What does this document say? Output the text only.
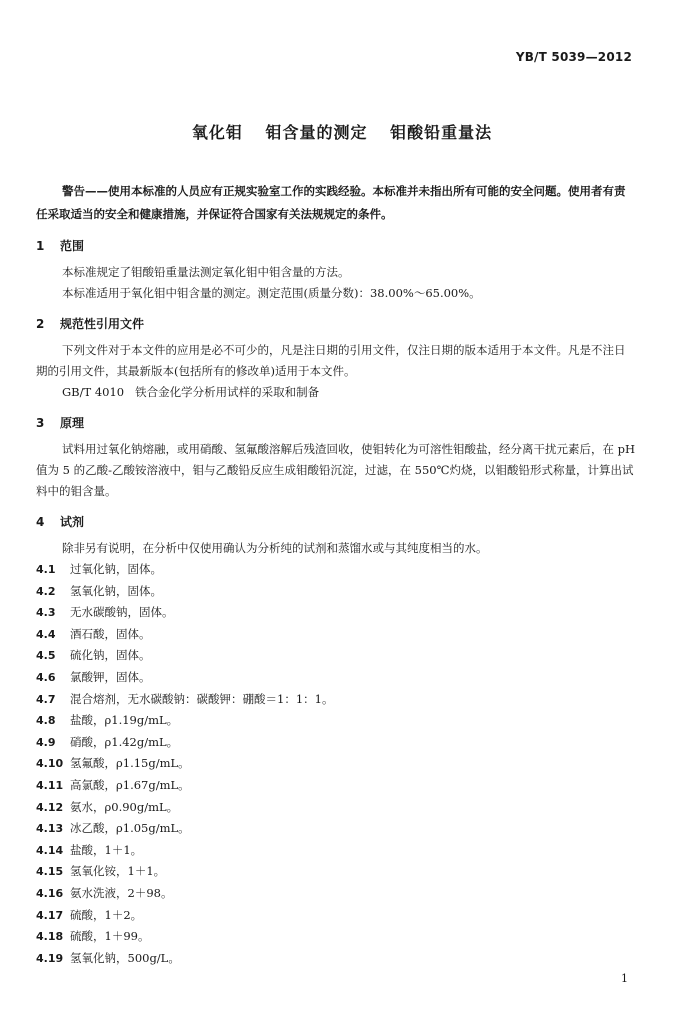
YB/T 5039—2012
氧化钼 钼含量的测定 钼酸铅重量法

警告——使用本标准的人员应有正规实验室工作的实践经验。本标准并未指出所有可能的安全问题。使用者有责任采取适当的安全和健康措施，并保证符合国家有关法规规定的条件。

1 范围

本标准规定了钼酸铅重量法测定氧化钼中钼含量的方法。

本标准适用于氧化钼中钼含量的测定。测定范围(质量分数)：38.00%～65.00%。

2 规范性引用文件

下列文件对于本文件的应用是必不可少的，凡是注日期的引用文件，仅注日期的版本适用于本文件。凡是不注日期的引用文件，其最新版本(包括所有的修改单)适用于本文件。

GB/T 4010 铁合金化学分析用试样的采取和制备

3 原理

试料用过氧化钠熔融，或用硝酸、氢氟酸溶解后残渣回收，使钼转化为可溶性钼酸盐，经分离干扰元素后，在 pH 值为 5 的乙酸-乙酸铵溶液中，钼与乙酸铅反应生成钼酸铅沉淀，过滤，在 550℃灼烧，以钼酸铅形式称量，计算出试料中的钼含量。

4 试剂

除非另有说明，在分析中仅使用确认为分析纯的试剂和蒸馏水或与其纯度相当的水。

4.1 过氧化钠，固体。
4.2 氢氧化钠，固体。
4.3 无水碳酸钠，固体。
4.4 酒石酸，固体。
4.5 硫化钠，固体。
4.6 氯酸钾，固体。
4.7 混合熔剂，无水碳酸钠：碳酸钾：硼酸＝1：1：1。
4.8 盐酸，ρ1.19g/mL。
4.9 硝酸，ρ1.42g/mL。
4.10 氢氟酸，ρ1.15g/mL。
4.11 高氯酸，ρ1.67g/mL。
4.12 氨水，ρ0.90g/mL。
4.13 冰乙酸，ρ1.05g/mL。
4.14 盐酸，1＋1。
4.15 氢氧化铵，1＋1。
4.16 氨水洗液，2＋98。
4.17 硫酸，1＋2。
4.18 硫酸，1＋99。
4.19 氢氧化钠，500g/L。
1
